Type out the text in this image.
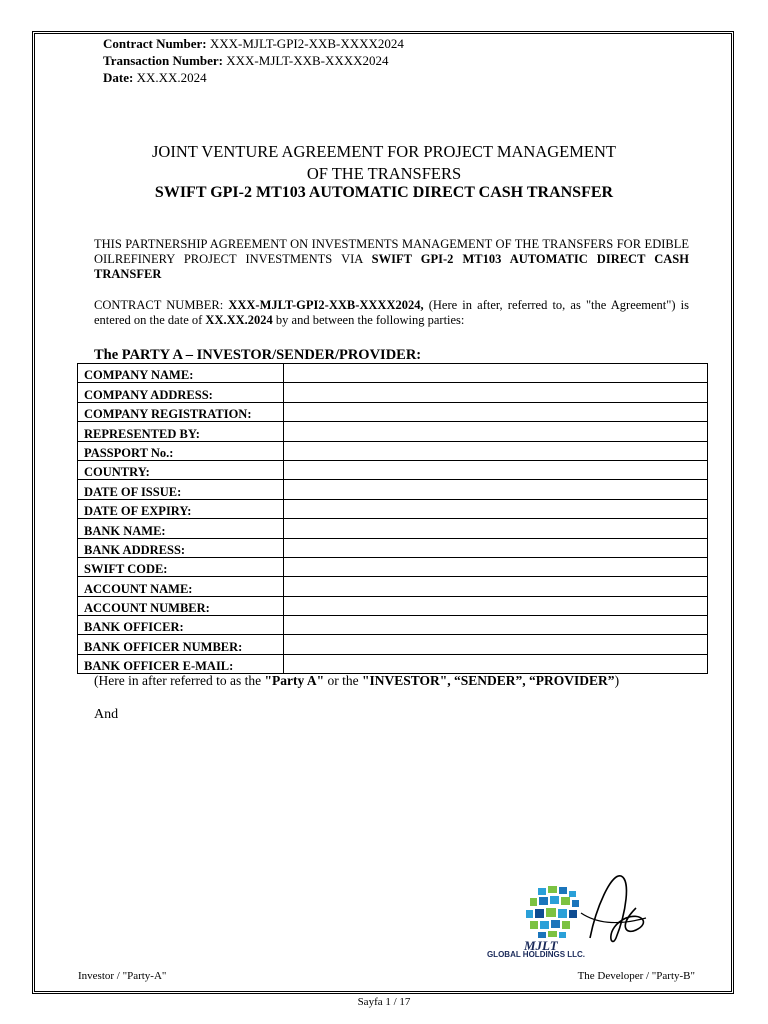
Contract Number: XXX-MJLT-GPI2-XXB-XXXX2024
Transaction Number: XXX-MJLT-XXB-XXXX2024
Date: XX.XX.2024
JOINT VENTURE AGREEMENT FOR PROJECT MANAGEMENT
OF THE TRANSFERS
SWIFT GPI-2 MT103 AUTOMATIC DIRECT CASH TRANSFER
THIS PARTNERSHIP AGREEMENT ON INVESTMENTS MANAGEMENT OF THE TRANSFERS FOR EDIBLE OILREFINERY PROJECT INVESTMENTS VIA SWIFT GPI-2 MT103 AUTOMATIC DIRECT CASH TRANSFER
CONTRACT NUMBER: XXX-MJLT-GPI2-XXB-XXXX2024, (Here in after, referred to, as "the Agreement") is entered on the date of XX.XX.2024 by and between the following parties:
The PARTY A – INVESTOR/SENDER/PROVIDER:
COMPANY NAME:	
COMPANY ADDRESS:	
COMPANY REGISTRATION:	
REPRESENTED BY:	
PASSPORT No.:	
COUNTRY:	
DATE OF ISSUE:	
DATE OF EXPIRY:	
BANK NAME:	
BANK ADDRESS:	
SWIFT CODE:	
ACCOUNT NAME:	
ACCOUNT NUMBER:	
BANK OFFICER:	
BANK OFFICER NUMBER:	
BANK OFFICER E-MAIL:	
(Here in after referred to as the "Party A" or the "INVESTOR", “SENDER”, “PROVIDER”)
And
MJLT
GLOBAL HOLDINGS LLC.
Investor / "Party-A"	The Developer / "Party-B"
Sayfa 1 / 17
